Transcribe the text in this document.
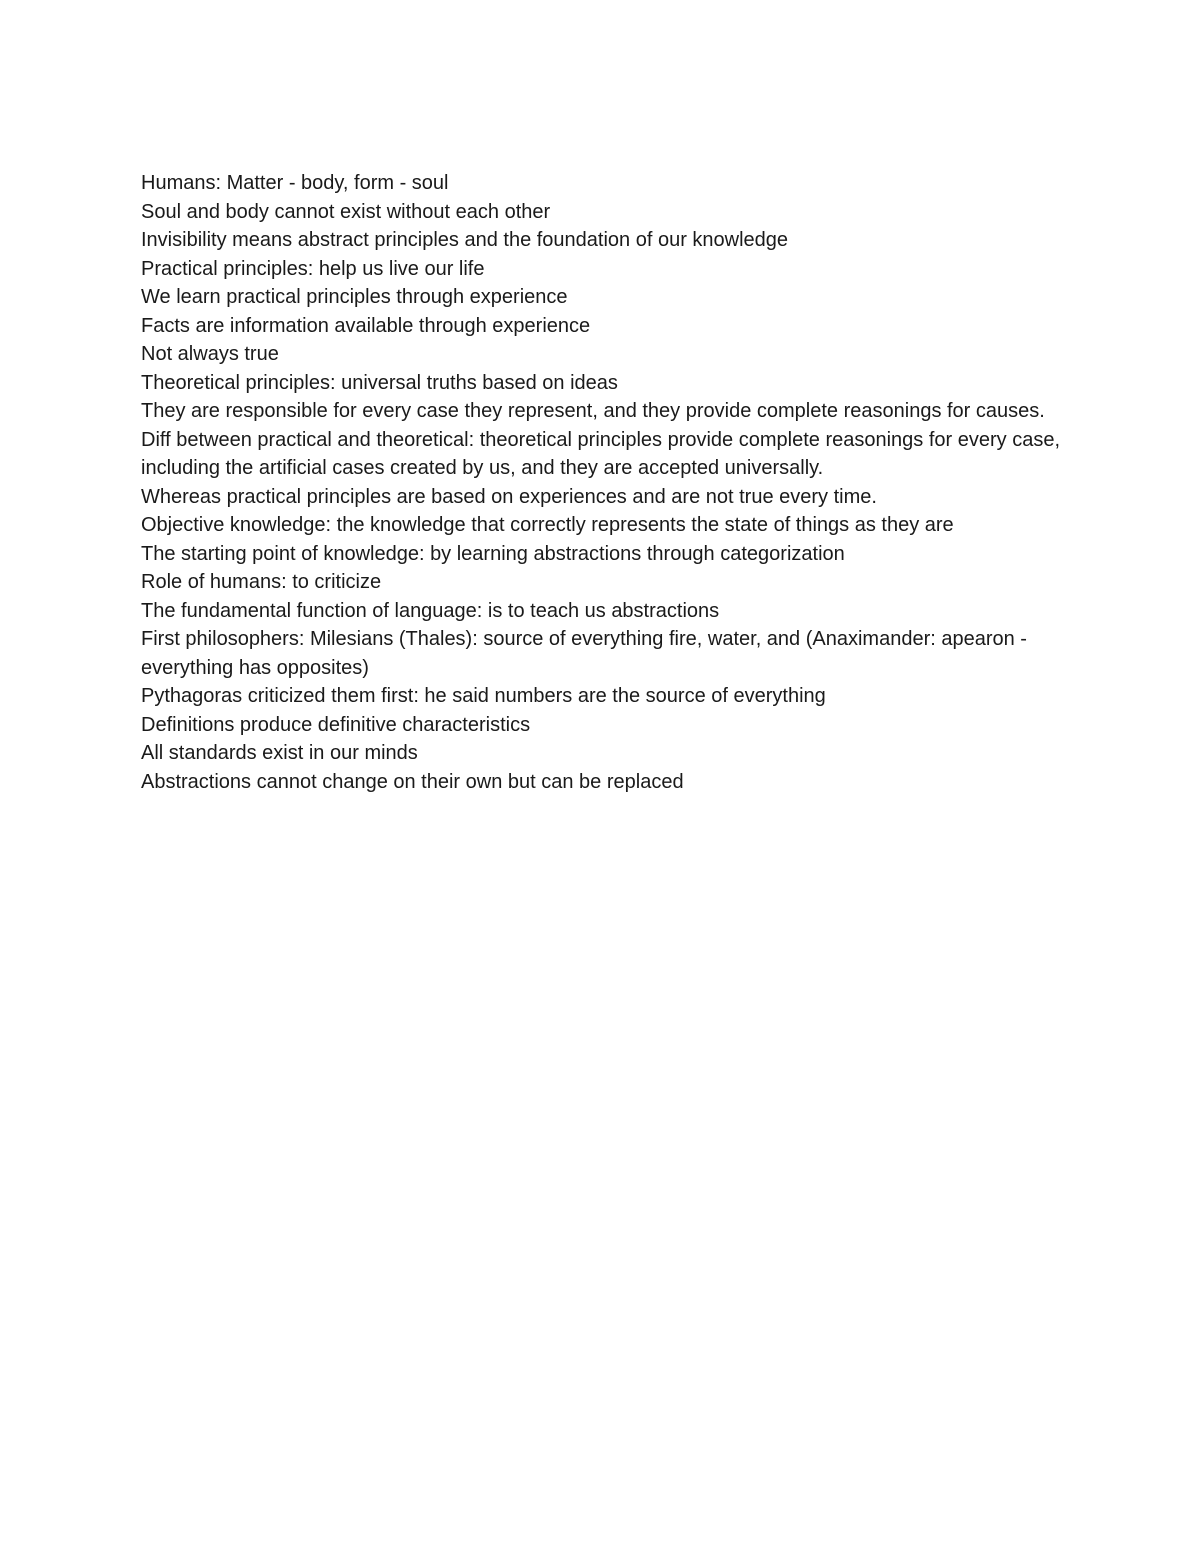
Humans: Matter - body, form - soul

Soul and body cannot exist without each other

Invisibility means abstract principles and the foundation of our knowledge

Practical principles: help us live our life

We learn practical principles through experience

Facts are information available through experience

Not always true

Theoretical principles: universal truths based on ideas

They are responsible for every case they represent, and they provide complete reasonings for causes.

Diff between practical and theoretical: theoretical principles provide complete reasonings for every case, including the artificial cases created by us, and they are accepted universally.

Whereas practical principles are based on experiences and are not true every time.

Objective knowledge: the knowledge that correctly represents the state of things as they are

The starting point of knowledge: by learning abstractions through categorization

Role of humans: to criticize

The fundamental function of language: is to teach us abstractions

First philosophers: Milesians (Thales): source of everything fire, water, and (Anaximander: apearon - everything has opposites)

Pythagoras criticized them first: he said numbers are the source of everything

Definitions produce definitive characteristics

All standards exist in our minds

Abstractions cannot change on their own but can be replaced
